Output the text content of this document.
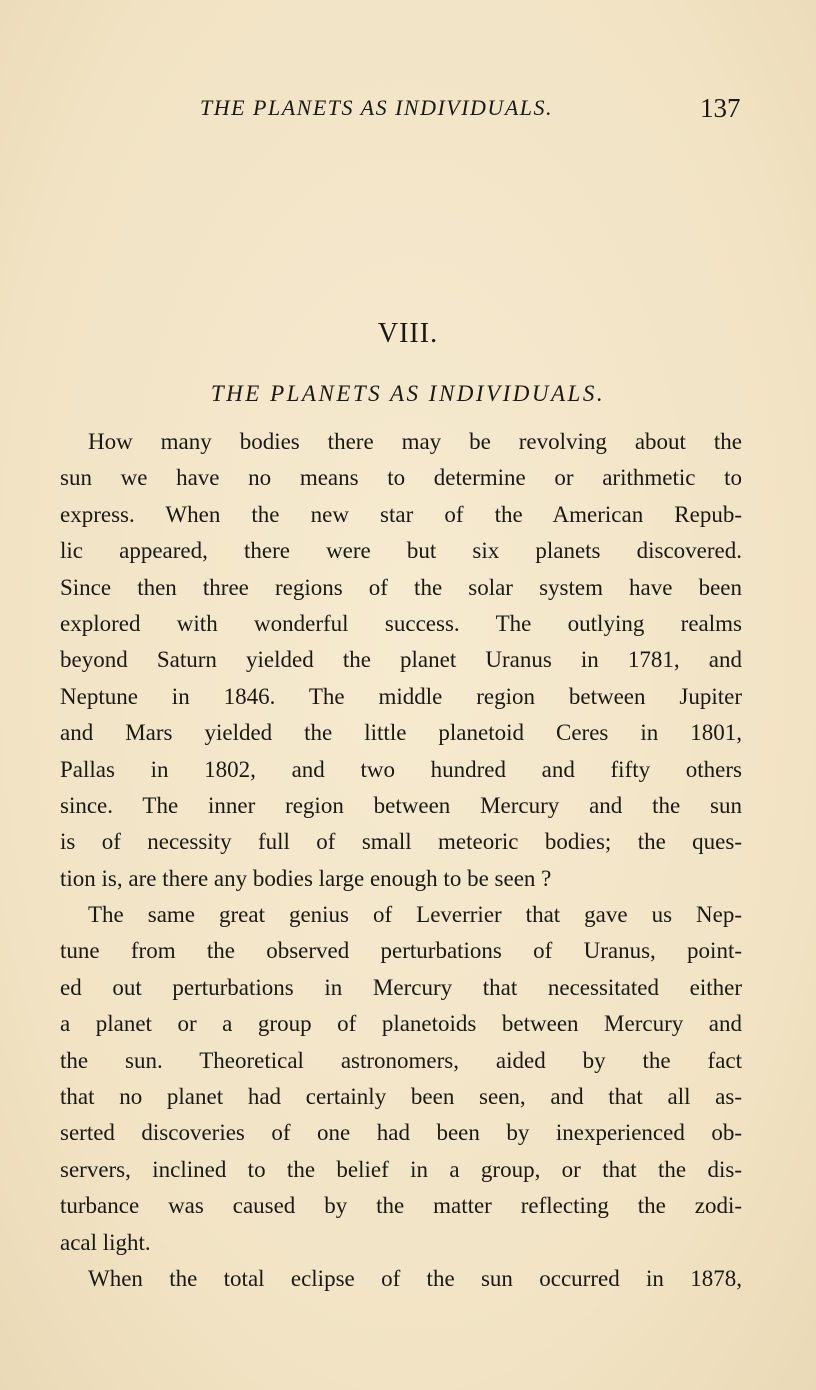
THE PLANETS AS INDIVIDUALS.	137
VIII.
THE PLANETS AS INDIVIDUALS.
How many bodies there may be revolving about the
sun we have no means to determine or arithmetic to
express. When the new star of the American Repub-
lic appeared, there were but six planets discovered.
Since then three regions of the solar system have been
explored with wonderful success. The outlying realms
beyond Saturn yielded the planet Uranus in 1781, and
Neptune in 1846. The middle region between Jupiter
and Mars yielded the little planetoid Ceres in 1801,
Pallas in 1802, and two hundred and fifty others
since. The inner region between Mercury and the sun
is of necessity full of small meteoric bodies; the ques-
tion is, are there any bodies large enough to be seen ?
The same great genius of Leverrier that gave us Nep-
tune from the observed perturbations of Uranus, point-
ed out perturbations in Mercury that necessitated either
a planet or a group of planetoids between Mercury and
the sun. Theoretical astronomers, aided by the fact
that no planet had certainly been seen, and that all as-
serted discoveries of one had been by inexperienced ob-
servers, inclined to the belief in a group, or that the dis-
turbance was caused by the matter reflecting the zodi-
acal light.
When the total eclipse of the sun occurred in 1878,
